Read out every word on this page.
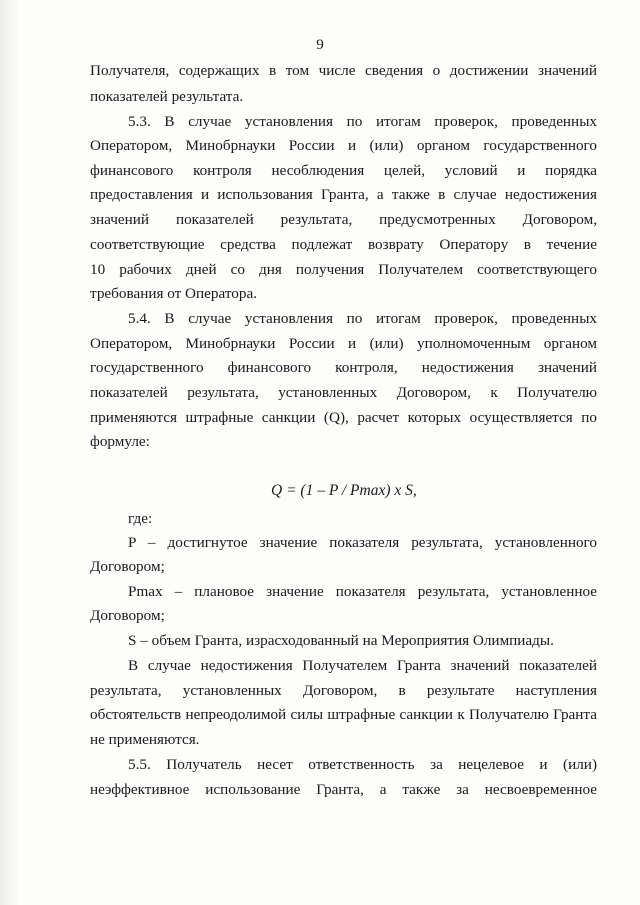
9
Получателя, содержащих в том числе сведения о достижении значений
показателей результата.
5.3. В случае установления по итогам проверок, проведенных
Оператором, Минобрнауки России и (или) органом государственного
финансового контроля несоблюдения целей, условий и порядка
предоставления и использования Гранта, а также в случае недостижения
значений показателей результата, предусмотренных Договором,
соответствующие средства подлежат возврату Оператору в течение
10 рабочих дней со дня получения Получателем соответствующего
требования от Оператора.
5.4. В случае установления по итогам проверок, проведенных
Оператором, Минобрнауки России и (или) уполномоченным органом
государственного финансового контроля, недостижения значений
показателей результата, установленных Договором, к Получателю
применяются штрафные санкции (Q), расчет которых осуществляется по
формуле:
Q = (1 – P / Pmax) x S,
где:
P – достигнутое значение показателя результата, установленного
Договором;
Pmax – плановое значение показателя результата, установленное
Договором;
S – объем Гранта, израсходованный на Мероприятия Олимпиады.
В случае недостижения Получателем Гранта значений показателей
результата, установленных Договором, в результате наступления
обстоятельств непреодолимой силы штрафные санкции к Получателю Гранта
не применяются.
5.5. Получатель несет ответственность за нецелевое и (или)
неэффективное использование Гранта, а также за несвоевременное
